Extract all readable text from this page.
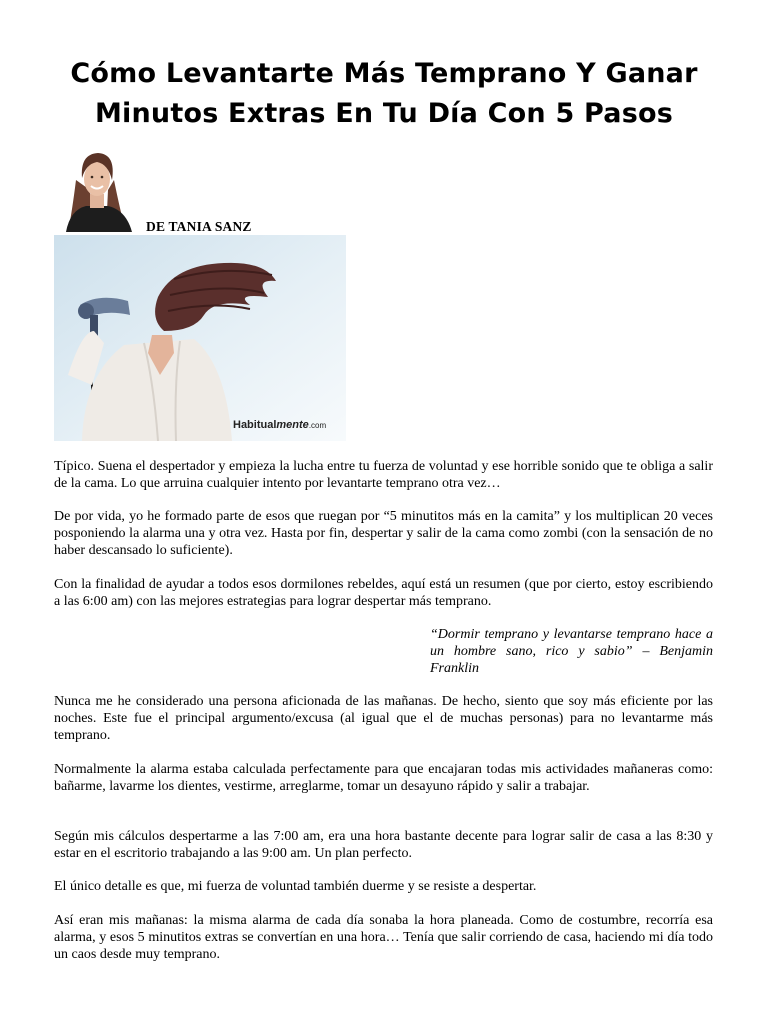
Cómo Levantarte Más Temprano Y Ganar
Minutos Extras En Tu Día Con 5 Pasos
DE TANIA SANZ
Habitualmente.com

Típico. Suena el despertador y empieza la lucha entre tu fuerza de voluntad y ese horrible sonido que te obliga a salir de la cama. Lo que arruina cualquier intento por levantarte temprano otra vez…

De por vida, yo he formado parte de esos que ruegan por “5 minutitos más en la camita” y los multiplican 20 veces posponiendo la alarma una y otra vez. Hasta por fin, despertar y salir de la cama como zombi (con la sensación de no haber descansado lo suficiente).

Con la finalidad de ayudar a todos esos dormilones rebeldes, aquí está un resumen (que por cierto, estoy escribiendo a las 6:00 am) con las mejores estrategias para lograr despertar más temprano.

“Dormir temprano y levantarse temprano hace a un hombre sano, rico y sabio” – Benjamin Franklin

Nunca me he considerado una persona aficionada de las mañanas. De hecho, siento que soy más eficiente por las noches. Este fue el principal argumento/excusa (al igual que el de muchas personas) para no levantarme más temprano.

Normalmente la alarma estaba calculada perfectamente para que encajaran todas mis actividades mañaneras como: bañarme, lavarme los dientes, vestirme, arreglarme, tomar un desayuno rápido y salir a trabajar.

Según mis cálculos despertarme a las 7:00 am, era una hora bastante decente para lograr salir de casa a las 8:30 y estar en el escritorio trabajando a las 9:00 am. Un plan perfecto.

El único detalle es que, mi fuerza de voluntad también duerme y se resiste a despertar.

Así eran mis mañanas: la misma alarma de cada día sonaba la hora planeada. Como de costumbre, recorría esa alarma, y esos 5 minutitos extras se convertían en una hora… Tenía que salir corriendo de casa, haciendo mi día todo un caos desde muy temprano.
